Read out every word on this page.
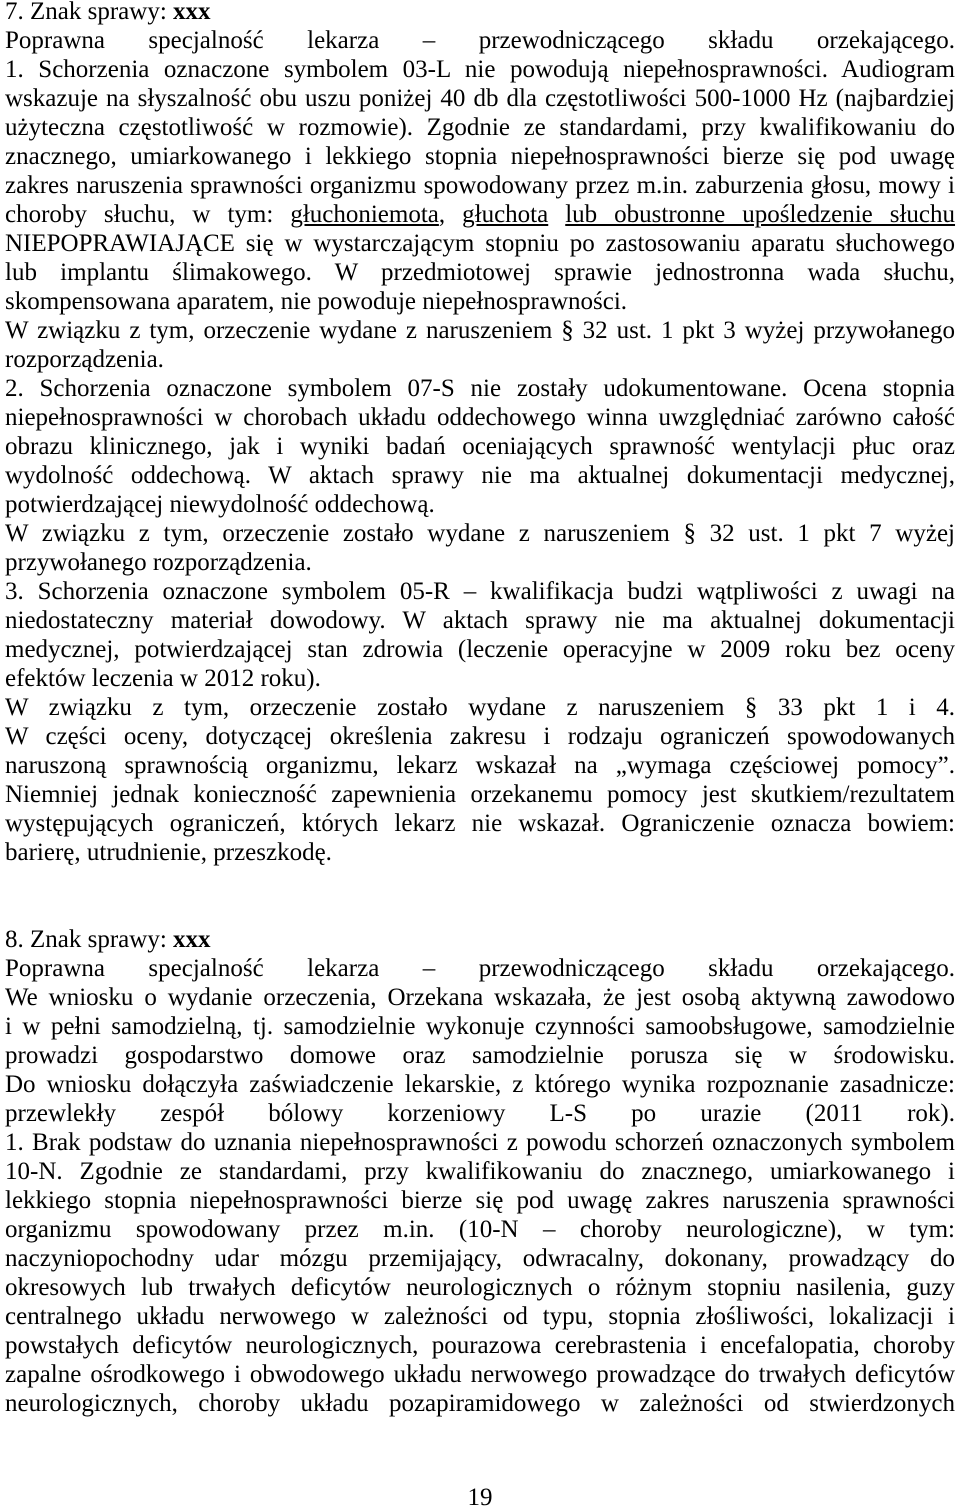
7. Znak sprawy: xxx
Poprawna specjalność lekarza – przewodniczącego składu orzekającego.
1. Schorzenia oznaczone symbolem 03-L nie powodują niepełnosprawności. Audiogram
wskazuje na słyszalność obu uszu poniżej 40 db dla częstotliwości 500-1000 Hz (najbardziej
użyteczna częstotliwość w rozmowie). Zgodnie ze standardami, przy kwalifikowaniu do
znacznego, umiarkowanego i lekkiego stopnia niepełnosprawności bierze się pod uwagę
zakres naruszenia sprawności organizmu spowodowany przez m.in. zaburzenia głosu, mowy i
choroby słuchu, w tym: głuchoniemota, głuchota lub obustronne upośledzenie słuchu
NIEPOPRAWIAJĄCE się w wystarczającym stopniu po zastosowaniu aparatu słuchowego
lub implantu ślimakowego. W przedmiotowej sprawie jednostronna wada słuchu,
skompensowana aparatem, nie powoduje niepełnosprawności.
W związku z tym, orzeczenie wydane z naruszeniem § 32 ust. 1 pkt 3 wyżej przywołanego
rozporządzenia.
2. Schorzenia oznaczone symbolem 07-S nie zostały udokumentowane. Ocena stopnia
niepełnosprawności w chorobach układu oddechowego winna uwzględniać zarówno całość
obrazu klinicznego, jak i wyniki badań oceniających sprawność wentylacji płuc oraz
wydolność oddechową. W aktach sprawy nie ma aktualnej dokumentacji medycznej,
potwierdzającej niewydolność oddechową.
W związku z tym, orzeczenie zostało wydane z naruszeniem § 32 ust. 1 pkt 7 wyżej
przywołanego rozporządzenia.
3. Schorzenia oznaczone symbolem 05-R – kwalifikacja budzi wątpliwości z uwagi na
niedostateczny materiał dowodowy. W aktach sprawy nie ma aktualnej dokumentacji
medycznej, potwierdzającej stan zdrowia (leczenie operacyjne w 2009 roku bez oceny
efektów leczenia w 2012 roku).
W związku z tym, orzeczenie zostało wydane z naruszeniem § 33 pkt 1 i 4.
W części oceny, dotyczącej określenia zakresu i rodzaju ograniczeń spowodowanych
naruszoną sprawnością organizmu, lekarz wskazał na „wymaga częściowej pomocy”.
Niemniej jednak konieczność zapewnienia orzekanemu pomocy jest skutkiem/rezultatem
występujących ograniczeń, których lekarz nie wskazał. Ograniczenie oznacza bowiem:
barierę, utrudnienie, przeszkodę.
8. Znak sprawy: xxx
Poprawna specjalność lekarza – przewodniczącego składu orzekającego.
We wniosku o wydanie orzeczenia, Orzekana wskazała, że jest osobą aktywną zawodowo
i w pełni samodzielną, tj. samodzielnie wykonuje czynności samoobsługowe, samodzielnie
prowadzi gospodarstwo domowe oraz samodzielnie porusza się w środowisku.
Do wniosku dołączyła zaświadczenie lekarskie, z którego wynika rozpoznanie zasadnicze:
przewlekły zespół bólowy korzeniowy L-S po urazie (2011 rok).
1. Brak podstaw do uznania niepełnosprawności z powodu schorzeń oznaczonych symbolem
10-N. Zgodnie ze standardami, przy kwalifikowaniu do znacznego, umiarkowanego i
lekkiego stopnia niepełnosprawności bierze się pod uwagę zakres naruszenia sprawności
organizmu spowodowany przez m.in. (10-N – choroby neurologiczne), w tym:
naczyniopochodny udar mózgu przemijający, odwracalny, dokonany, prowadzący do
okresowych lub trwałych deficytów neurologicznych o różnym stopniu nasilenia, guzy
centralnego układu nerwowego w zależności od typu, stopnia złośliwości, lokalizacji i
powstałych deficytów neurologicznych, pourazowa cerebrastenia i encefalopatia, choroby
zapalne ośrodkowego i obwodowego układu nerwowego prowadzące do trwałych deficytów
neurologicznych, choroby układu pozapiramidowego w zależności od stwierdzonych
19
